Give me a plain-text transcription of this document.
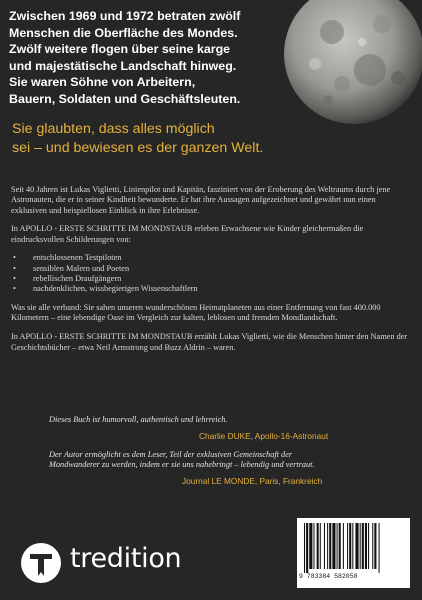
Zwischen 1969 und 1972 betraten zwölf
Menschen die Oberfläche des Mondes.
Zwölf weitere flogen über seine karge
und majestätische Landschaft hinweg.
Sie waren Söhne von Arbeitern,
Bauern, Soldaten und Geschäftsleuten.
Sie glaubten, dass alles möglich
sei – und bewiesen es der ganzen Welt.

Seit 40 Jahren ist Lukas Viglietti, Linienpilot und Kapitän, fasziniert von der Eroberung des Weltraums durch jene Astronauten, die er in seiner Kindheit bewunderte. Er hat ihre Aussagen aufgezeichnet und gewährt nun einen exklusiven und beispiellosen Einblick in ihre Erlebnisse.

In APOLLO - ERSTE SCHRITTE IM MONDSTAUB erleben Erwachsene wie Kinder gleichermaßen die eindrucksvollen Schilderungen von:

• entschlossenen Testpiloten
• sensiblen Malern und Poeten
• rebellischen Draufgängern
• nachdenklichen, wissbegierigen Wissenschaftlern

Was sie alle verband: Sie sahen unseren wunderschönen Heimatplaneten aus einer Entfernung von fast 400.000 Kilometern – eine lebendige Oase im Vergleich zur kalten, leblosen und fremden Mondlandschaft.

In APOLLO - ERSTE SCHRITTE IM MONDSTAUB erzählt Lukas Viglietti, wie die Menschen hinter den Namen der Geschichtsbücher – etwa Neil Armstrong und Buzz Aldrin – waren.

Dieses Buch ist humorvoll, authentisch und lehrreich.
Charlie DUKE, Apollo-16-Astronaut
Der Autor ermöglicht es dem Leser, Teil der exklusiven Gemeinschaft der
Mondwanderer zu werden, indem er sie uns nahebringt – lebendig und vertraut.
Journal LE MONDE, Paris, Frankreich
tredition
9 783384 582058
